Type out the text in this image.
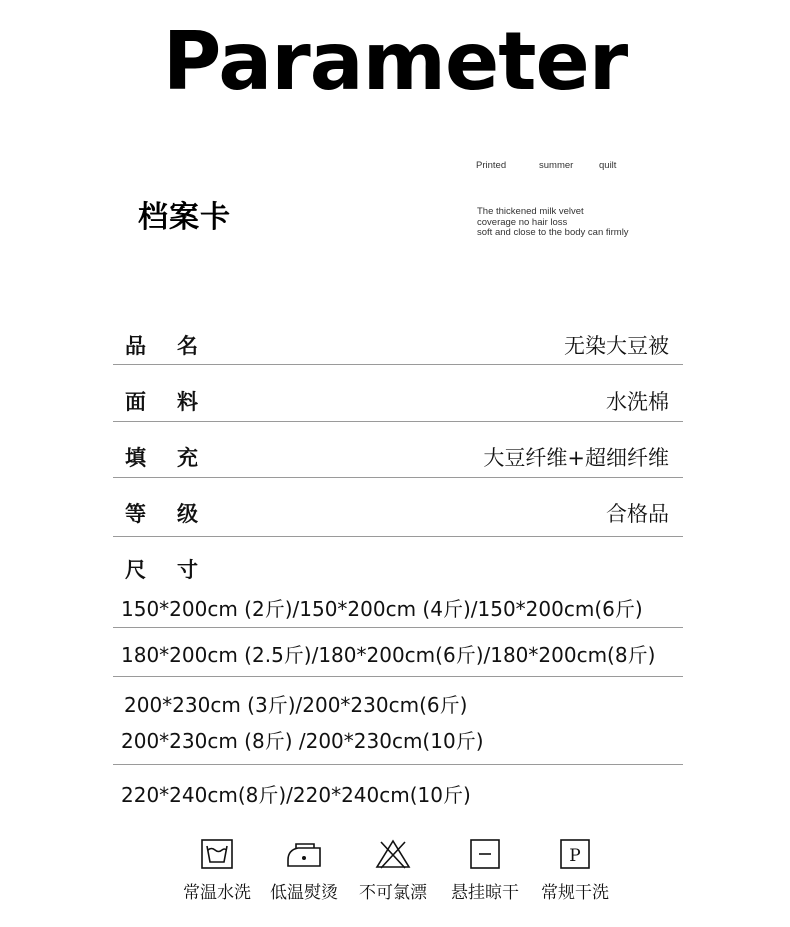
Parameter
档案卡
Printed	summer	quilt
The thickened milk velvet
coverage no hair loss
soft and close to the body can firmly
品 名	无染大豆被
面 料	水洗棉
填 充	大豆纤维+超细纤维
等 级	合格品
尺 寸
150*200cm (2斤)/150*200cm (4斤)/150*200cm(6斤)
180*200cm (2.5斤)/180*200cm(6斤)/180*200cm(8斤)
200*230cm (3斤)/200*230cm(6斤)
200*230cm (8斤) /200*230cm(10斤)
220*240cm(8斤)/220*240cm(10斤)
常温水洗	低温熨烫	不可氯漂	悬挂晾干
P
常规干洗
